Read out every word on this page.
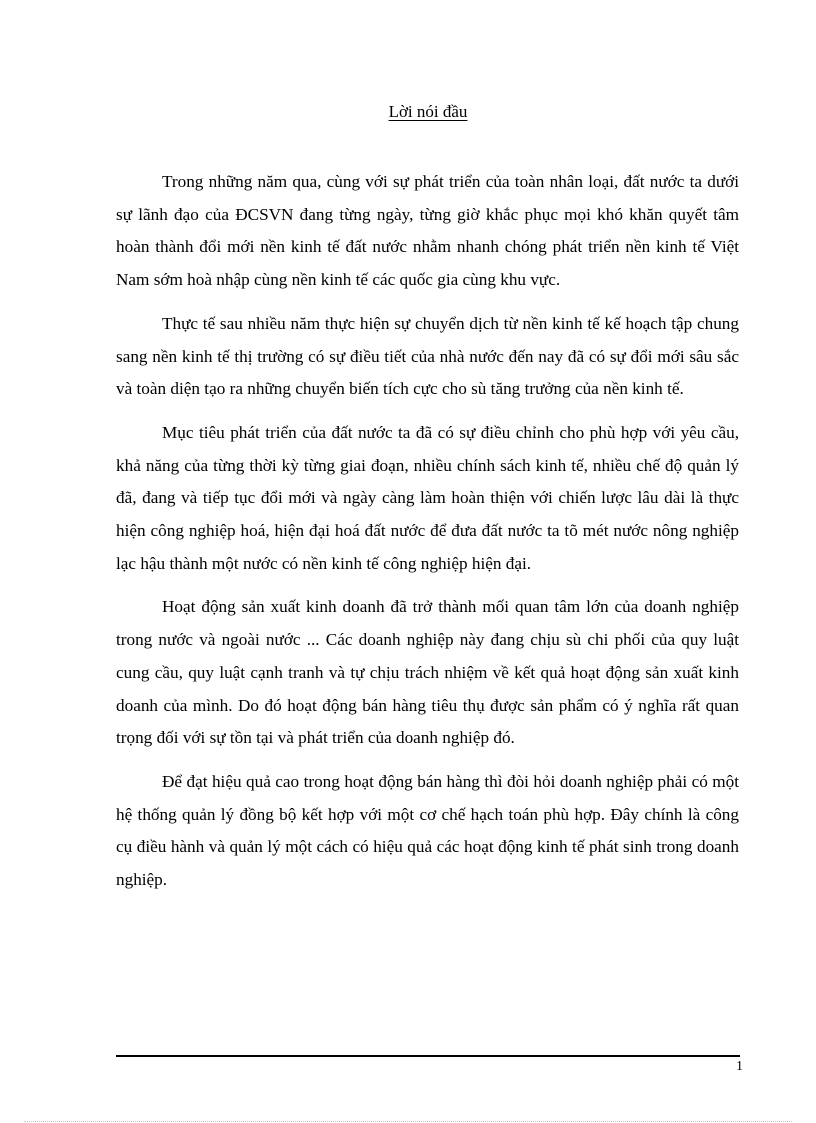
Lời nói đầu

Trong những năm qua, cùng với sự phát triển của toàn nhân loại, đất nước ta dưới sự lãnh đạo của ĐCSVN đang từng ngày, từng giờ khắc phục mọi khó khăn quyết tâm hoàn thành đổi mới nền kinh tế đất nước nhằm nhanh chóng phát triển nền kinh tế Việt Nam sớm hoà nhập cùng nền kinh tế các quốc gia cùng khu vực.

Thực tế sau nhiều năm thực hiện sự chuyển dịch từ nền kinh tế kế hoạch tập chung sang nền kinh tế thị trường có sự điều tiết của nhà nước đến nay đã có sự đổi mới sâu sắc và toàn diện tạo ra những chuyển biến tích cực cho sù tăng trưởng của nền kinh tế.

Mục tiêu phát triển của đất nước ta đã có sự điều chỉnh cho phù hợp với yêu cầu, khả năng của từng thời kỳ từng giai đoạn, nhiều chính sách kinh tế, nhiều chế độ quản lý đã, đang và tiếp tục đổi mới và ngày càng làm hoàn thiện với chiến lược lâu dài là thực hiện công nghiệp hoá, hiện đại hoá đất nước để đưa đất nước ta tõ mét nước nông nghiệp lạc hậu thành một nước có nền kinh tế công nghiệp hiện đại.

Hoạt động sản xuất kinh doanh đã trở thành mối quan tâm lớn của doanh nghiệp trong nước và ngoài nước ... Các doanh nghiệp này đang chịu sù chi phối của quy luật cung cầu, quy luật cạnh tranh và tự chịu trách nhiệm về kết quả hoạt động sản xuất kinh doanh của mình. Do đó hoạt động bán hàng tiêu thụ được sản phẩm có ý nghĩa rất quan trọng đối với sự tồn tại và phát triển của doanh nghiệp đó.

Để đạt hiệu quả cao trong hoạt động bán hàng thì đòi hỏi doanh nghiệp phải có một hệ thống quản lý đồng bộ kết hợp với một cơ chế hạch toán phù hợp. Đây chính là công cụ điều hành và quản lý một cách có hiệu quả các hoạt động kinh tế phát sinh trong doanh nghiệp.

1
